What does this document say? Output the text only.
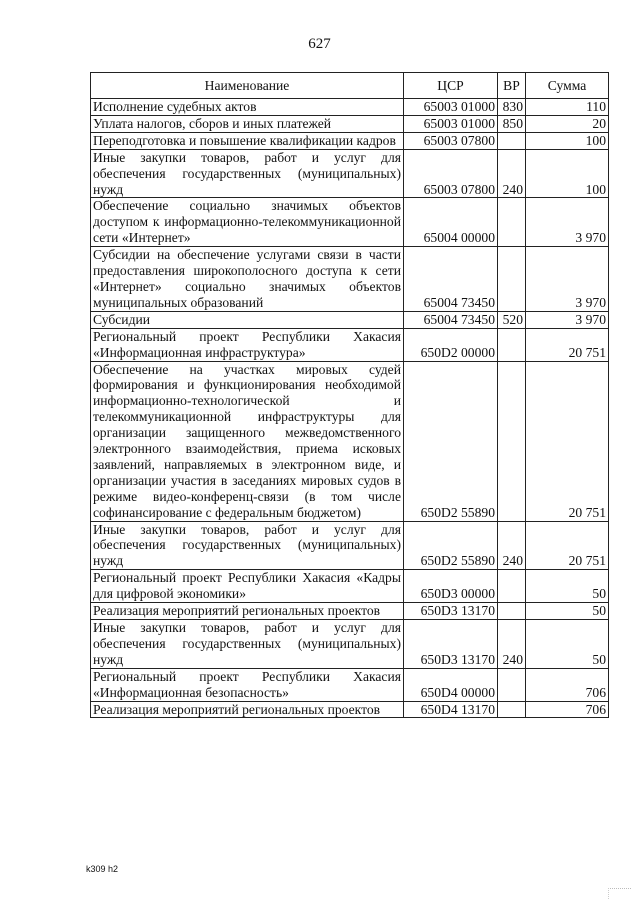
627
Наименование	ЦСР	ВР	Сумма
Исполнение судебных актов	65003 01000	830	110
Уплата налогов, сборов и иных платежей	65003 01000	850	20
Переподготовка и повышение квалификации кадров	65003 07800		100
Иные закупки товаров, работ и услуг для обеспечения государственных (муниципальных) нужд	65003 07800	240	100
Обеспечение социально значимых объектов доступом к информационно-телекоммуникационной сети «Интернет»	65004 00000		3 970
Субсидии на обеспечение услугами связи в части предоставления широкополосного доступа к сети «Интернет» социально значимых объектов муниципальных образований	65004 73450		3 970
Субсидии	65004 73450	520	3 970
Региональный проект Республики Хакасия «Информационная инфраструктура»	650D2 00000		20 751
Обеспечение на участках мировых судей формирования и функционирования необходимой информационно-технологической и телекоммуникационной инфраструктуры для организации защищенного межведомственного электронного взаимодействия, приема исковых заявлений, направляемых в электронном виде, и организации участия в заседаниях мировых судов в режиме видео-конференц-связи (в том числе софинансирование с федеральным бюджетом)	650D2 55890		20 751
Иные закупки товаров, работ и услуг для обеспечения государственных (муниципальных) нужд	650D2 55890	240	20 751
Региональный проект Республики Хакасия «Кадры для цифровой экономики»	650D3 00000		50
Реализация мероприятий региональных проектов	650D3 13170		50
Иные закупки товаров, работ и услуг для обеспечения государственных (муниципальных) нужд	650D3 13170	240	50
Региональный проект Республики Хакасия «Информационная безопасность»	650D4 00000		706
Реализация мероприятий региональных проектов	650D4 13170		706
k309 h2
